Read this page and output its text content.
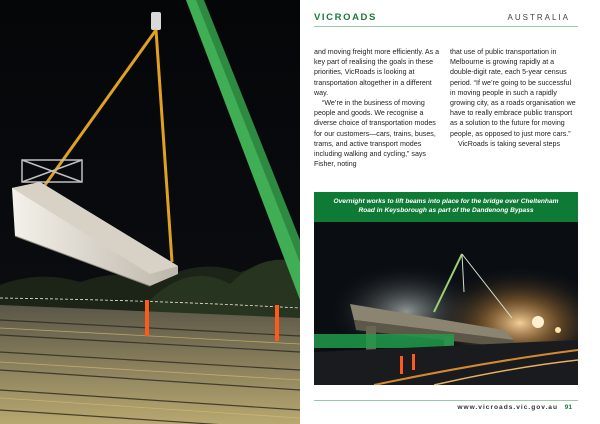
VICROADS	AUSTRALIA

and moving freight more efficiently. As a key part of realising the goals in these priorities, VicRoads is looking at transportation altogether in a different way.

“We’re in the business of moving people and goods. We recognise a diverse choice of transportation modes for our customers—cars, trains, buses, trams, and active transport modes including walking and cycling,” says Fisher, noting

that use of public transportation in Melbourne is growing rapidly at a double-digit rate, each 5-year census period. “If we’re going to be successful in moving people in such a rapidly growing city, as a roads organisation we have to really embrace public transport as a solution to the future for moving people, as opposed to just more cars.”

VicRoads is taking several steps

Overnight works to lift beams into place for the bridge over Cheltenham Road in Keysborough as part of the Dandenong Bypass
www.vicroads.vic.gov.au 91
